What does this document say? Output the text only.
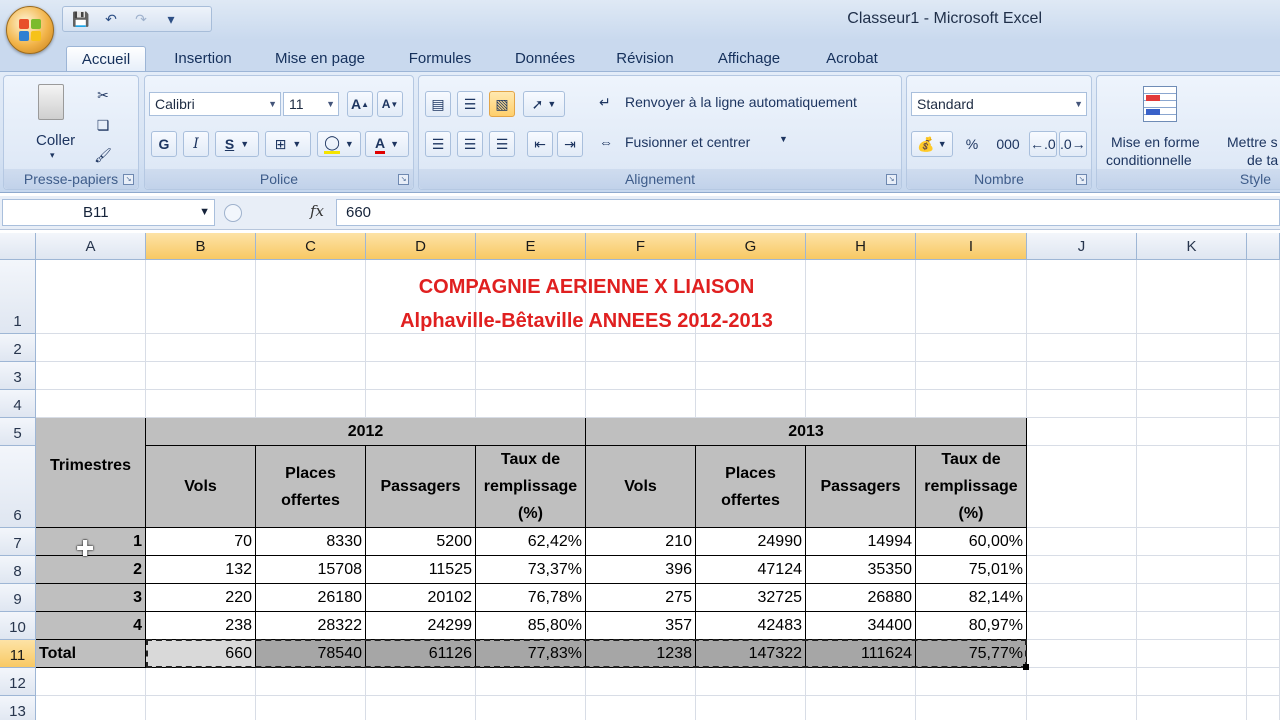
💾 ↶ ↷	▾	Classeur1 - Microsoft Excel
Accueil	Insertion	Mise en page	Formules	Données	Révision	Affichage	Acrobat
Coller
▾
✂
❏
🖌
Presse-papiers	↘
Calibri	▼ 11	▼ A ▲ A ▼
G I S ▼	⊞ ▼ ◯ ▼ A ▼
Police	↘
▤	☰	▧	➚ ▼
☰	☰	☰	⇤	⇥
↵ Renvoyer à la ligne automatiquement
⇔ Fusionner et centrer	▼
Alignement	↘
Standard	▼
💰 ▼ % 000 ←.0 .0→
Nombre	↘
Mise en forme
conditionnelle
Mettre s
de ta
Style
B11	▼	fx	660
A	B	C	D	E	F	G	H	I	J	K
1
2
3
4
5
6
7
8
9
10
11
12
13
COMPAGNIE AERIENNE X LIAISON
Alphaville-Bêtaville ANNEES 2012-2013
Trimestres
2012	2013
Vols
Places
offertes
Passagers
Taux de
remplissage
(%)
Vols
Places
offertes
Passagers
Taux de
remplissage
(%)
1	70	8330	5200	62,42%	210	24990	14994	60,00%
2	132	15708	11525	73,37%	396	47124	35350	75,01%
3	220	26180	20102	76,78%	275	32725	26880	82,14%
4	238	28322	24299	85,80%	357	42483	34400	80,97%
Total	660	78540	61126	77,83%	1238	147322	111624	75,77%
✚
